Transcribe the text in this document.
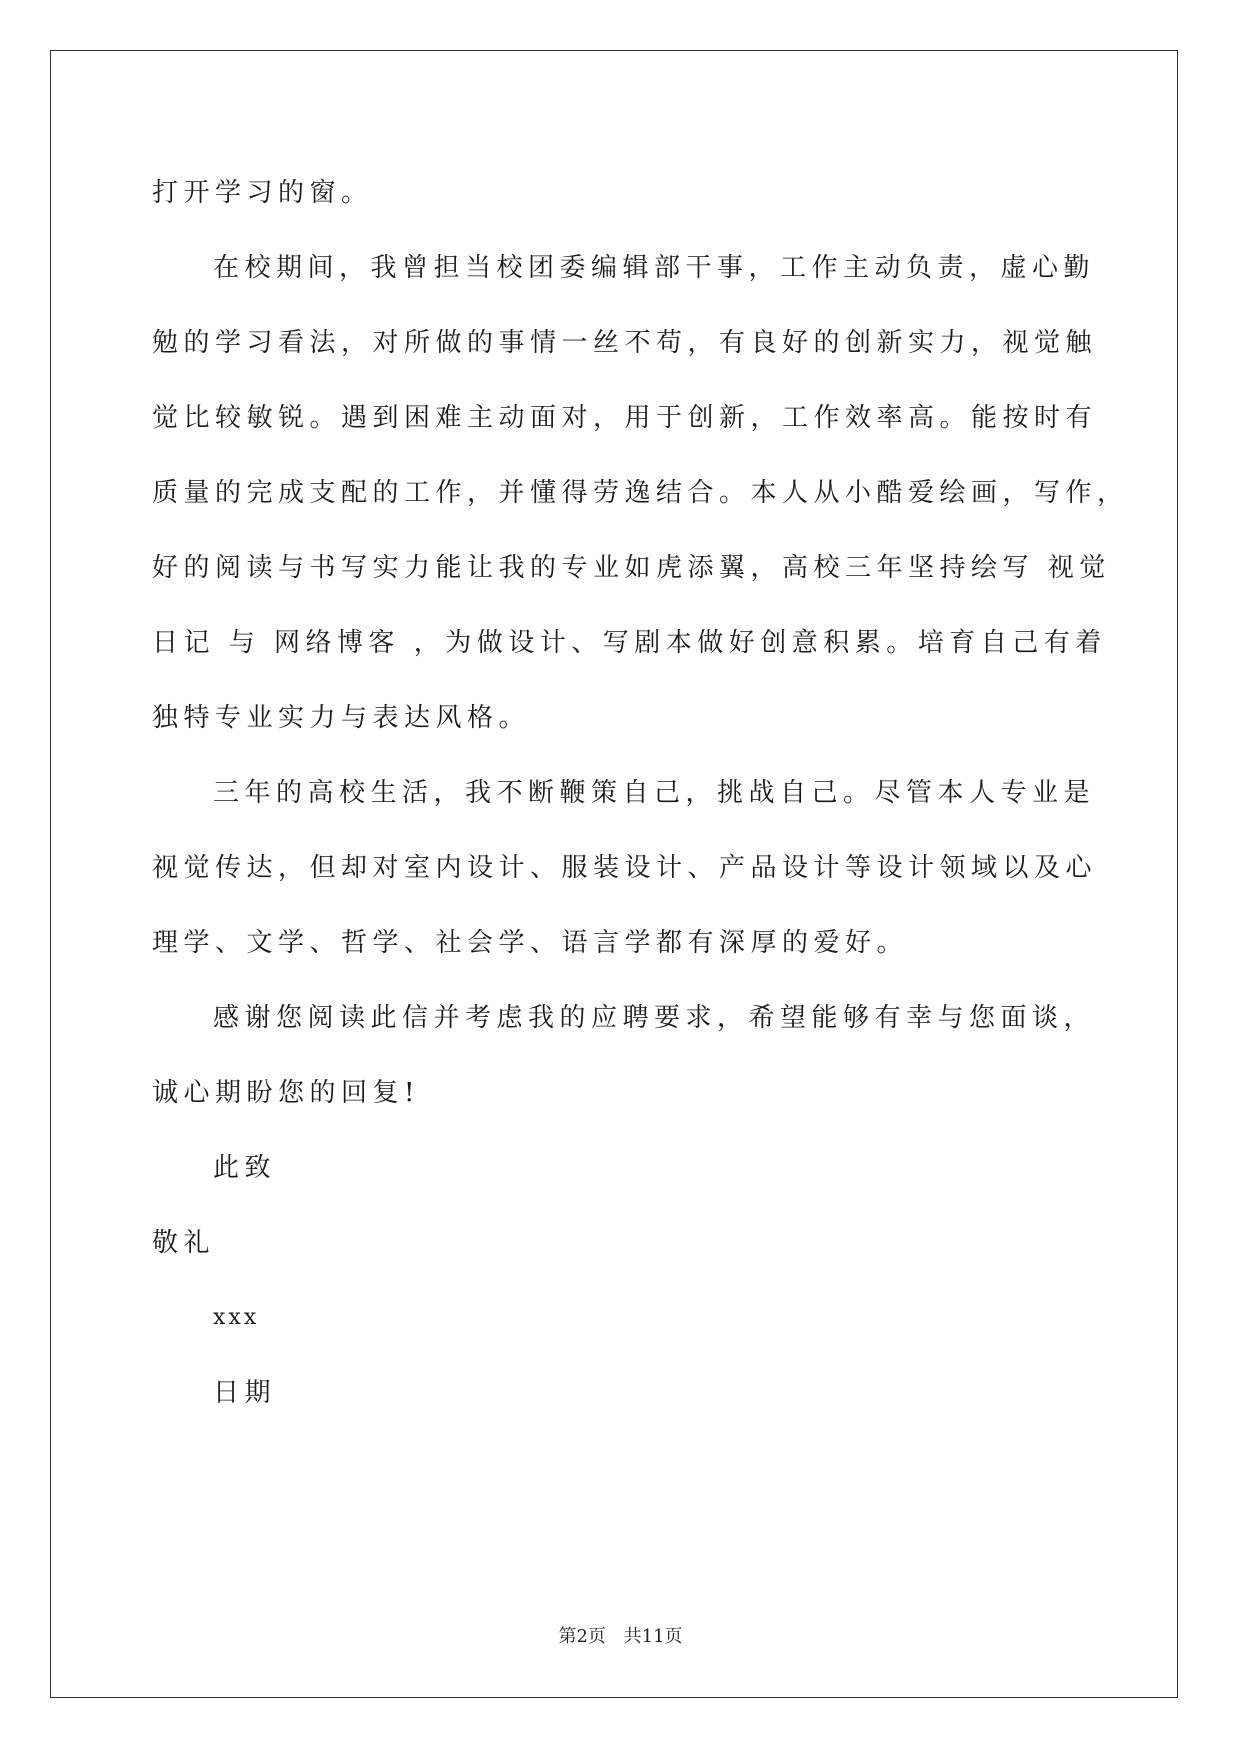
打开学习的窗。
在校期间，我曾担当校团委编辑部干事，工作主动负责，虚心勤
勉的学习看法，对所做的事情一丝不苟，有良好的创新实力，视觉触
觉比较敏锐。遇到困难主动面对，用于创新，工作效率高。能按时有
质量的完成支配的工作，并懂得劳逸结合。本人从小酷爱绘画，写作，
好的阅读与书写实力能让我的专业如虎添翼，高校三年坚持绘写 视觉
日记 与 网络博客 ，为做设计、写剧本做好创意积累。培育自己有着
独特专业实力与表达风格。
三年的高校生活，我不断鞭策自己，挑战自己。尽管本人专业是
视觉传达，但却对室内设计、服装设计、产品设计等设计领域以及心
理学、文学、哲学、社会学、语言学都有深厚的爱好。
感谢您阅读此信并考虑我的应聘要求，希望能够有幸与您面谈，
诚心期盼您的回复!
此致
敬礼
xxx
日期
第2页 共11页
